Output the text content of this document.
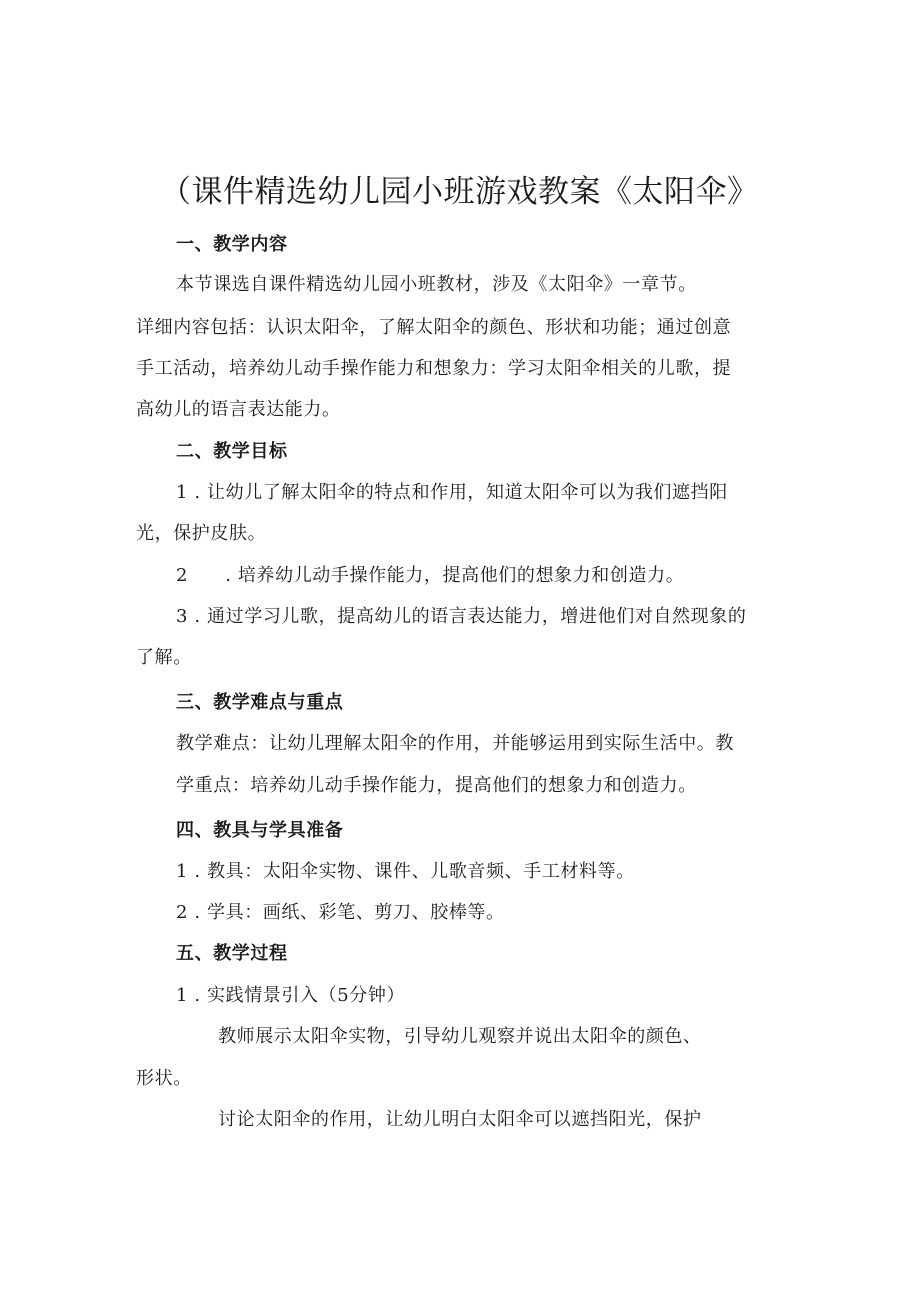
（课件精选幼儿园小班游戏教案《太阳伞》
一、教学内容
本节课选自课件精选幼儿园小班教材，涉及《太阳伞》一章节。
详细内容包括：认识太阳伞，了解太阳伞的颜色、形状和功能；通过创意
手工活动，培养幼儿动手操作能力和想象力：学习太阳伞相关的儿歌，提
高幼儿的语言表达能力。
二、教学目标
1 . 让幼儿了解太阳伞的特点和作用，知道太阳伞可以为我们遮挡阳
光，保护皮肤。
2　　. 培养幼儿动手操作能力，提高他们的想象力和创造力。
3 . 通过学习儿歌，提高幼儿的语言表达能力，增进他们对自然现象的
了解。
三、教学难点与重点
教学难点：让幼儿理解太阳伞的作用，并能够运用到实际生活中。教
学重点：培养幼儿动手操作能力，提高他们的想象力和创造力。
四、教具与学具准备
1 . 教具：太阳伞实物、课件、儿歌音频、手工材料等。
2 . 学具：画纸、彩笔、剪刀、胶棒等。
五、教学过程
1 . 实践情景引入（5分钟）
教师展示太阳伞实物，引导幼儿观察并说出太阳伞的颜色、
形状。
讨论太阳伞的作用，让幼儿明白太阳伞可以遮挡阳光，保护
